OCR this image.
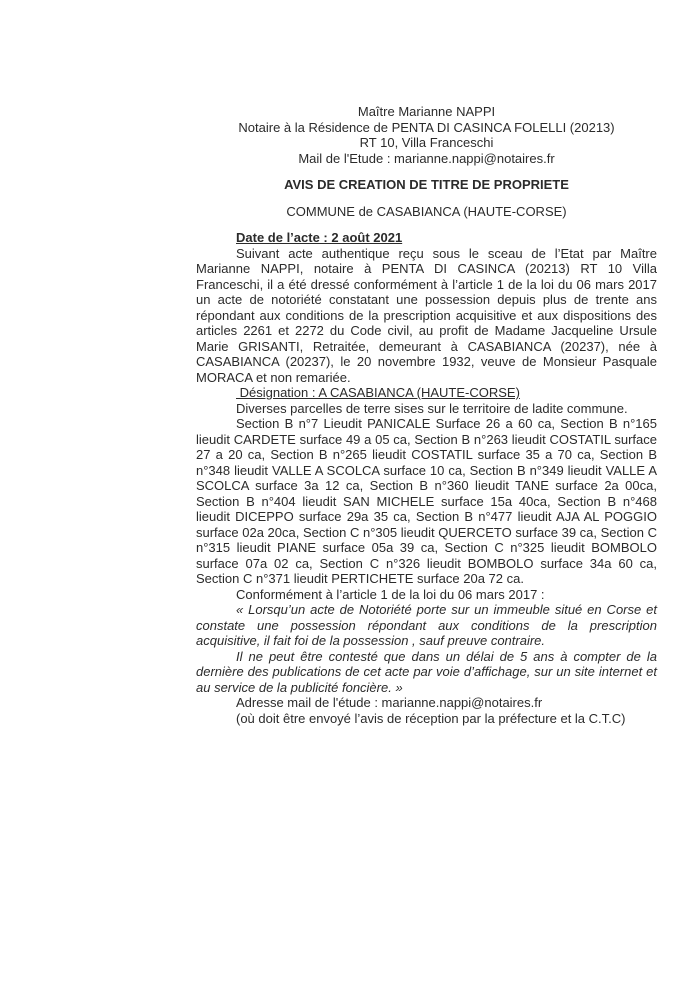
Maître Marianne NAPPI
Notaire à la Résidence de PENTA DI CASINCA FOLELLI (20213)
RT 10, Villa Franceschi
Mail de l'Etude : marianne.nappi@notaires.fr
AVIS DE CREATION DE TITRE DE PROPRIETE
COMMUNE de CASABIANCA (HAUTE-CORSE)
Date de l’acte : 2 août 2021
Suivant acte authentique reçu sous le sceau de l’Etat par Maître Marianne NAPPI, notaire à PENTA DI CASINCA (20213) RT 10 Villa Franceschi, il a été dressé conformément à l’article 1 de la loi du 06 mars 2017 un acte de notoriété constatant une possession depuis plus de trente ans répondant aux conditions de la prescription acquisitive et aux dispositions des articles 2261 et 2272 du Code civil, au profit de Madame Jacqueline Ursule Marie GRISANTI, Retraitée, demeurant à CASABIANCA (20237), née à CASABIANCA (20237), le 20 novembre 1932, veuve de Monsieur Pasquale MORACA et non remariée.
Désignation : A CASABIANCA (HAUTE-CORSE)
Diverses parcelles de terre sises sur le territoire de ladite commune.
Section B n°7 Lieudit PANICALE Surface 26 a 60 ca, Section B n°165 lieudit CARDETE surface 49 a 05 ca, Section B n°263 lieudit COSTATIL surface 27 a 20 ca, Section B n°265 lieudit COSTATIL surface 35 a 70 ca, Section B n°348 lieudit VALLE A SCOLCA surface 10 ca, Section B n°349 lieudit VALLE A SCOLCA surface 3a 12 ca, Section B n°360 lieudit TANE surface 2a 00ca, Section B n°404 lieudit SAN MICHELE surface 15a 40ca, Section B n°468 lieudit DICEPPO surface 29a 35 ca, Section B n°477 lieudit AJA AL POGGIO surface 02a 20ca, Section C n°305 lieudit QUERCETO surface 39 ca, Section C n°315 lieudit PIANE surface 05a 39 ca, Section C n°325 lieudit BOMBOLO surface 07a 02 ca, Section C n°326 lieudit BOMBOLO surface 34a 60 ca, Section C n°371 lieudit PERTICHETE surface 20a 72 ca.
Conformément à l’article 1 de la loi du 06 mars 2017 :
« Lorsqu’un acte de Notoriété porte sur un immeuble situé en Corse et constate une possession répondant aux conditions de la prescription acquisitive, il fait foi de la possession , sauf preuve contraire.
Il ne peut être contesté que dans un délai de 5 ans à compter de la dernière des publications de cet acte par voie d’affichage, sur un site internet et au service de la publicité foncière. »
Adresse mail de l'étude : marianne.nappi@notaires.fr
(où doit être envoyé l’avis de réception par la préfecture et la C.T.C)
